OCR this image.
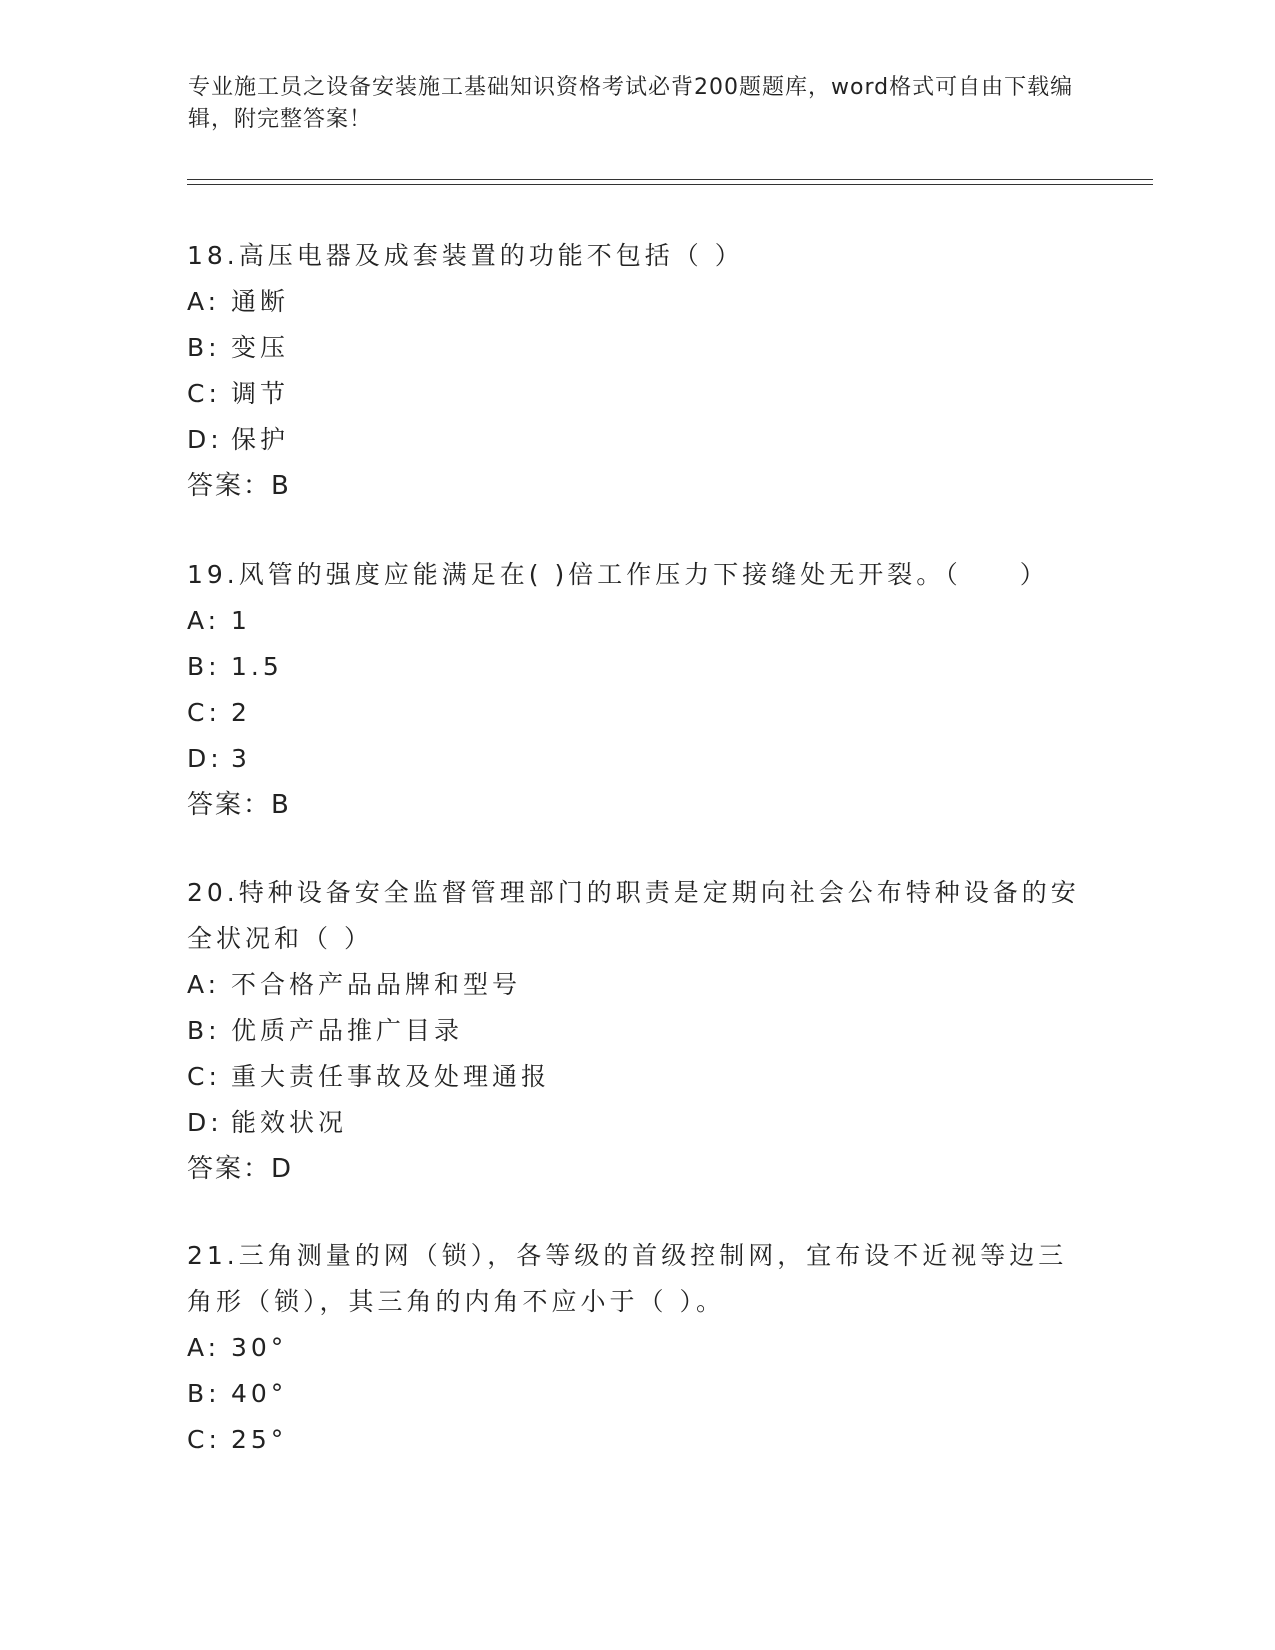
专业施工员之设备安装施工基础知识资格考试必背200题题库，word格式可自由下载编辑，附完整答案！

18.高压电器及成套装置的功能不包括（ ）

A: 通断

B: 变压

C: 调节

D: 保护

答案：B

19.风管的强度应能满足在( )倍工作压力下接缝处无开裂。（　　）

A: 1

B: 1.5

C: 2

D: 3

答案：B

20.特种设备安全监督管理部门的职责是定期向社会公布特种设备的安全状况和（ ）

A: 不合格产品品牌和型号

B: 优质产品推广目录

C: 重大责任事故及处理通报

D: 能效状况

答案：D

21.三角测量的网（锁），各等级的首级控制网，宜布设不近视等边三角形（锁），其三角的内角不应小于（ ）。

A: 30°

B: 40°

C: 25°
